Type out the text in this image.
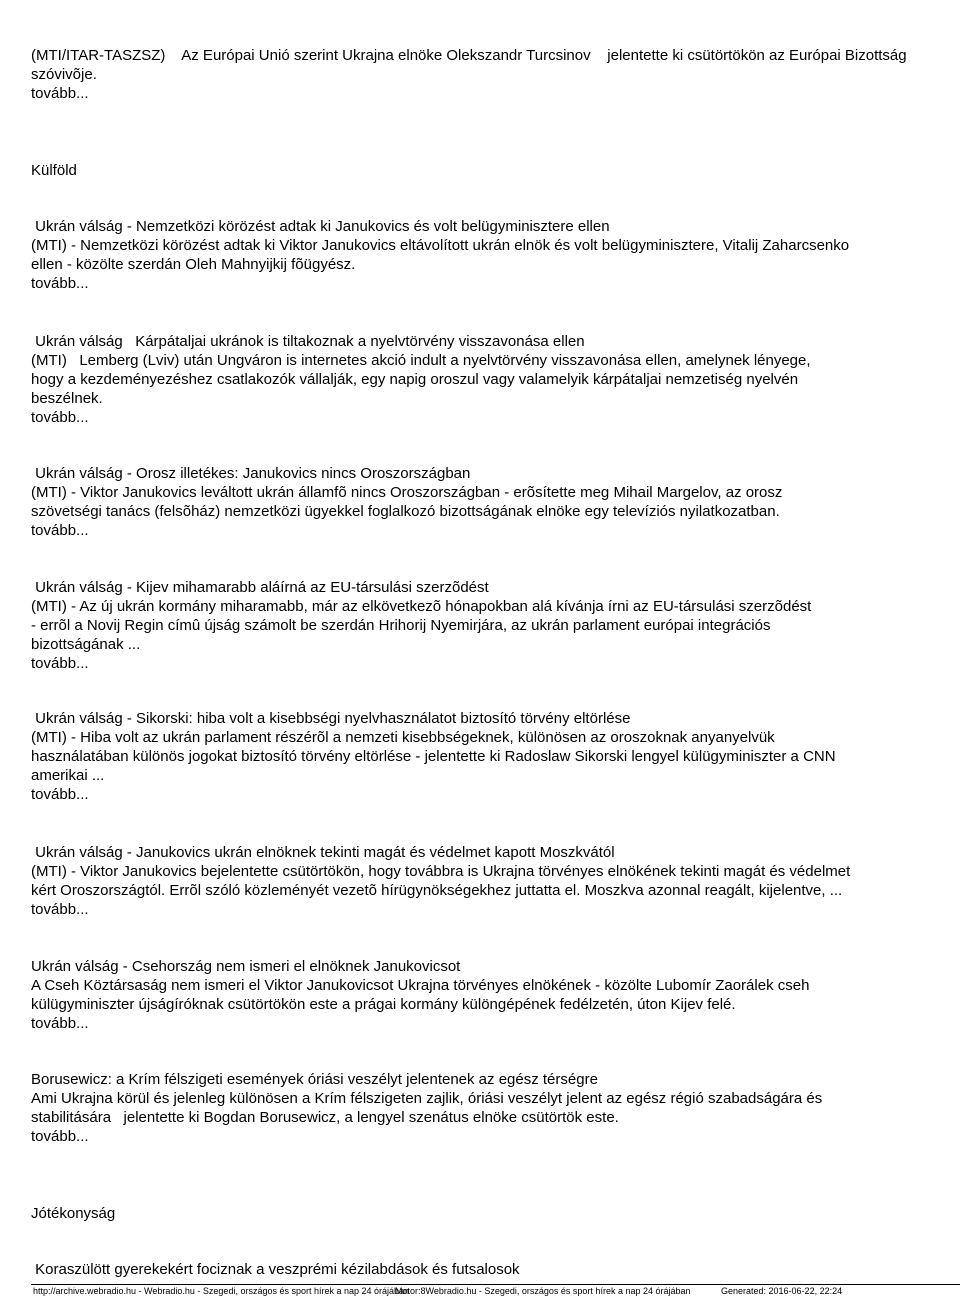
(MTI/ITAR-TASZSZ)    Az Európai Unió szerint Ukrajna elnöke Olekszandr Turcsinov    jelentette ki csütörtökön az Európai Bizottság
szóvivõje.
tovább...
Külföld
Ukrán válság - Nemzetközi körözést adtak ki Janukovics és volt belügyminisztere ellen
(MTI) - Nemzetközi körözést adtak ki Viktor Janukovics eltávolított ukrán elnök és volt belügyminisztere, Vitalij Zaharcsenko
ellen - közölte szerdán Oleh Mahnyijkij fõügyész.
tovább...
Ukrán válság   Kárpátaljai ukránok is tiltakoznak a nyelvtörvény visszavonása ellen
(MTI)   Lemberg (Lviv) után Ungváron is internetes akció indult a nyelvtörvény visszavonása ellen, amelynek lényege,
hogy a kezdeményezéshez csatlakozók vállalják, egy napig oroszul vagy valamelyik kárpátaljai nemzetiség nyelvén
beszélnek.
tovább...
Ukrán válság - Orosz illetékes: Janukovics nincs Oroszországban
(MTI) - Viktor Janukovics leváltott ukrán államfõ nincs Oroszországban - erõsítette meg Mihail Margelov, az orosz
szövetségi tanács (felsõház) nemzetközi ügyekkel foglalkozó bizottságának elnöke egy televíziós nyilatkozatban.
tovább...
Ukrán válság - Kijev mihamarabb aláírná az EU-társulási szerzõdést
(MTI) - Az új ukrán kormány miharamabb, már az elkövetkezõ hónapokban alá kívánja írni az EU-társulási szerzõdést
- errõl a Novij Regin címû újság számolt be szerdán Hrihorij Nyemirjára, az ukrán parlament európai integrációs
bizottságának ...
tovább...
Ukrán válság - Sikorski: hiba volt a kisebbségi nyelvhasználatot biztosító törvény eltörlése
(MTI) - Hiba volt az ukrán parlament részérõl a nemzeti kisebbségeknek, különösen az oroszoknak anyanyelvük
használatában különös jogokat biztosító törvény eltörlése - jelentette ki Radoslaw Sikorski lengyel külügyminiszter a CNN
amerikai ...
tovább...
Ukrán válság - Janukovics ukrán elnöknek tekinti magát és védelmet kapott Moszkvától
(MTI) - Viktor Janukovics bejelentette csütörtökön, hogy továbbra is Ukrajna törvényes elnökének tekinti magát és védelmet
kért Oroszországtól. Errõl szóló közleményét vezetõ hírügynökségekhez juttatta el. Moszkva azonnal reagált, kijelentve, ...
tovább...
Ukrán válság - Csehország nem ismeri el elnöknek Janukovicsot
A Cseh Köztársaság nem ismeri el Viktor Janukovicsot Ukrajna törvényes elnökének - közölte Lubomír Zaorálek cseh
külügyminiszter újságíróknak csütörtökön este a prágai kormány különgépének fedélzetén, úton Kijev felé.
tovább...
Borusewicz: a Krím félszigeti események óriási veszélyt jelentenek az egész térségre
Ami Ukrajna körül és jelenleg különösen a Krím félszigeten zajlik, óriási veszélyt jelent az egész régió szabadságára és
stabilitására   jelentette ki Bogdan Borusewicz, a lengyel szenátus elnöke csütörtök este.
tovább...
Jótékonyság
Koraszülött gyerekekért fociznak a veszprémi kézilabdások és futsalosok
http://archive.webradio.hu - Webradio.hu - Szegedi, országos és sport hírek a nap 24 órájában
Motor:8Webradio.hu - Szegedi, országos és sport hírek a nap 24 órájában	Generated: 2016-06-22, 22:24
